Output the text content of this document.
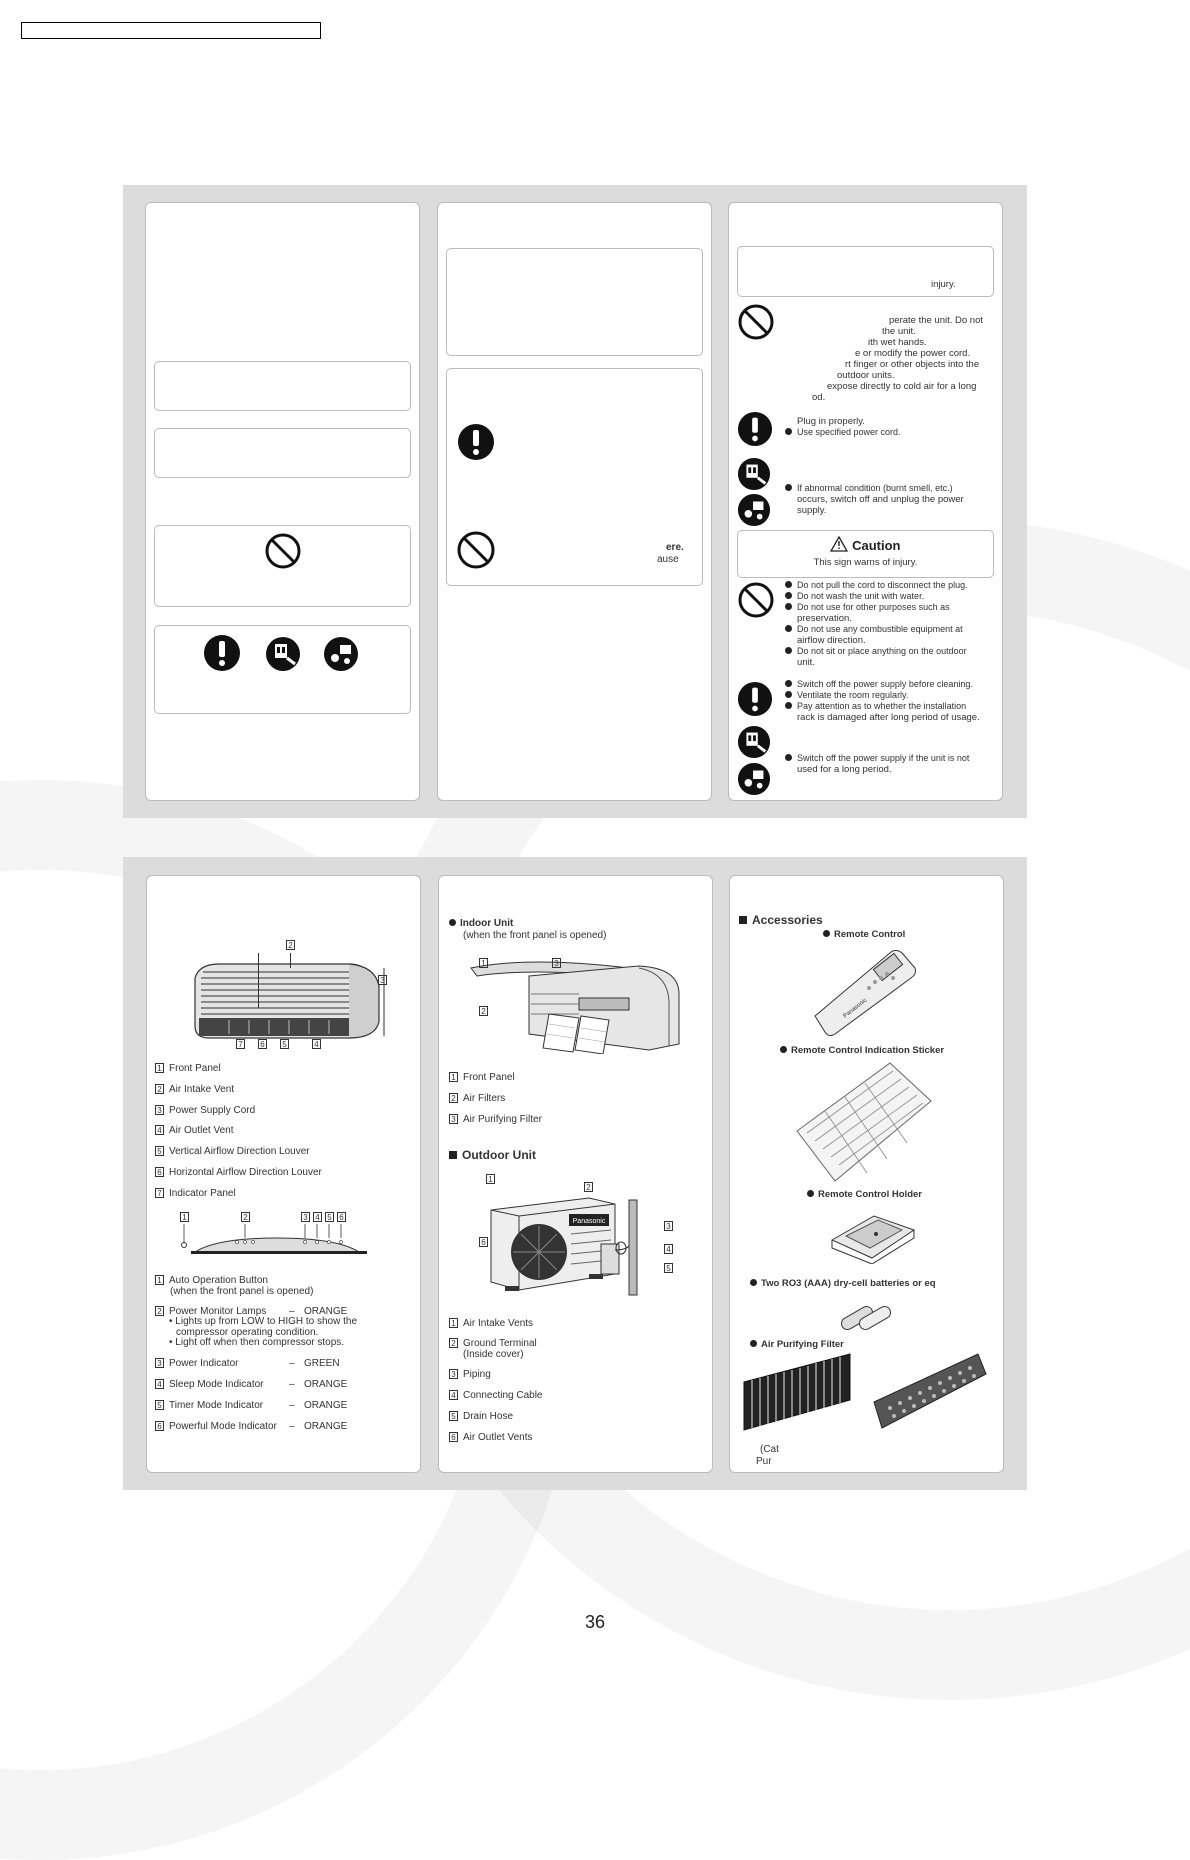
ere.
ause
injury.
perate the unit. Do not
the unit.
ith wet hands.
e or modify the power cord.
rt finger or other objects into the
outdoor units.
expose directly to cold air for a long
od.
Plug in properly.
Use specified power cord.
If abnormal condition (burnt smell, etc.)
occurs, switch off and unplug the power
supply.
Caution
This sign warns of injury.
Do not pull the cord to disconnect the plug.
Do not wash the unit with water.
Do not use for other purposes such as
preservation.
Do not use any combustible equipment at
airflow direction.
Do not sit or place anything on the outdoor
unit.
Switch off the power supply before cleaning.
Ventilate the room regularly.
Pay attention as to whether the installation
rack is damaged after long period of usage.
Switch off the power supply if the unit is not
used for a long period.
2
3
7	6	5	4
1 Front Panel
2 Air Intake Vent
3 Power Supply Cord
4 Air Outlet Vent
5 Vertical Airflow Direction Louver
6 Horizontal Airflow Direction Louver
7 Indicator Panel
1	2	3 4 5 6
1 Auto Operation Button
(when the front panel is opened)
2 Power Monitor Lamps – ORANGE
• Lights up from LOW to HIGH to show the
compressor operating condition.
• Light off when then compressor stops.
3 Power Indicator	– GREEN
4 Sleep Mode Indicator	– ORANGE
5 Timer Mode Indicator	– ORANGE
6 Powerful Mode Indicator – ORANGE
Indoor Unit
(when the front panel is opened)
1	3
2
1 Front Panel
2 Air Filters
3 Air Purifying Filter
Outdoor Unit
Panasonic
1
2
6
3
4
5
1 Air Intake Vents
2 Ground Terminal
(Inside cover)
3 Piping
4 Connecting Cable
5 Drain Hose
6 Air Outlet Vents
Accessories
Remote Control
Panasonic
Remote Control Indication Sticker
Remote Control Holder
Two RO3 (AAA) dry-cell batteries or eq
Air Purifying Filter
(Cat
Pur
36
